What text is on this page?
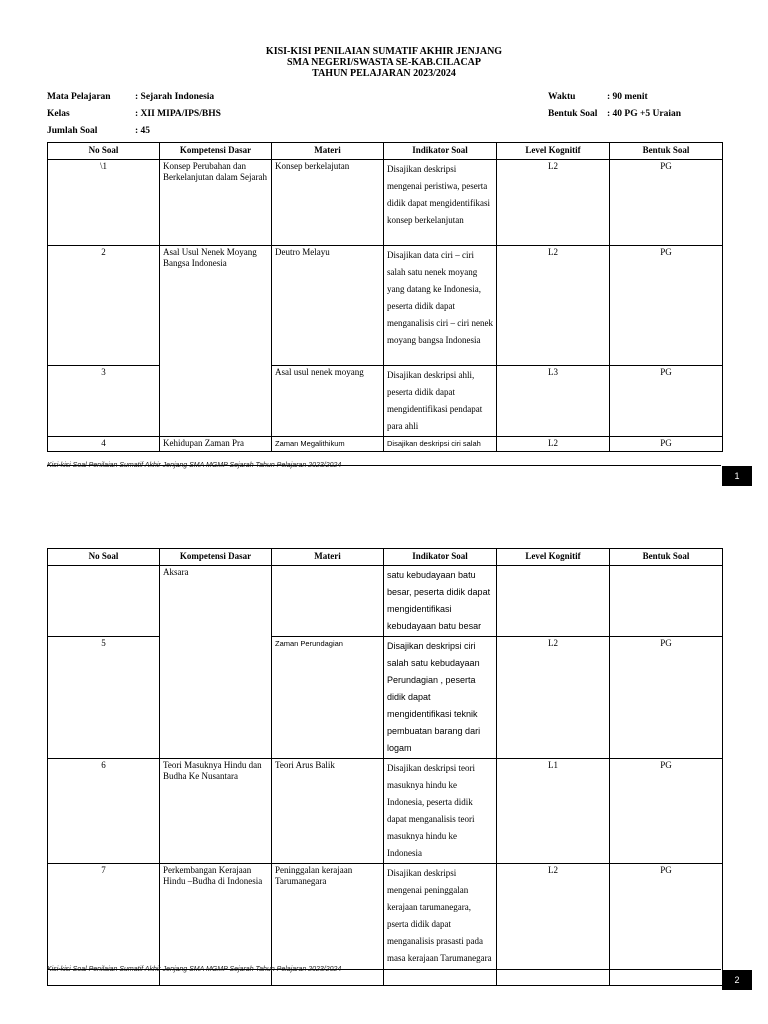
KISI-KISI PENILAIAN SUMATIF AKHIR JENJANG
SMA NEGERI/SWASTA SE-KAB.CILACAP
TAHUN PELAJARAN 2023/2024
Mata Pelajaran	: Sejarah Indonesia
Kelas	: XII MIPA/IPS/BHS
Jumlah Soal	: 45
Waktu	: 90 menit
Bentuk Soal : 40 PG +5 Uraian
No Soal	Kompetensi Dasar	Materi	Indikator Soal	Level Kognitif	Bentuk Soal
\1	Konsep Perubahan dan Berkelanjutan dalam Sejarah	Konsep berkelajutan	Disajikan deskripsi mengenai peristiwa, peserta didik dapat mengidentifikasi konsep berkelanjutan	L2	PG
2	Asal Usul Nenek Moyang Bangsa Indonesia	Deutro Melayu	Disajikan data ciri – ciri salah satu nenek moyang yang datang ke Indonesia, peserta didik dapat menganalisis ciri – ciri nenek moyang bangsa Indonesia	L2	PG
3		Asal usul nenek moyang	Disajikan deskripsi ahli, peserta didik dapat mengidentifikasi pendapat para ahli	L3	PG
4	Kehidupan Zaman Pra	Zaman Megalithikum	Disajikan deskripsi ciri salah	L2	PG
1
No Soal	Kompetensi Dasar	Materi	Indikator Soal	Level Kognitif	Bentuk Soal
	Aksara		satu kebudayaan batu besar, peserta didik dapat mengidentifikasi kebudayaan batu besar		
5		Zaman Perundagian	Disajikan deskripsi ciri salah satu kebudayaan Perundagian , peserta didik dapat mengidentifikasi teknik pembuatan barang dari logam	L2	PG
6	Teori Masuknya Hindu dan Budha Ke Nusantara	Teori Arus Balik	Disajikan deskripsi teori masuknya hindu ke Indonesia, peserta didik dapat menganalisis teori masuknya hindu ke Indonesia	L1	PG
7	Perkembangan Kerajaan Hindu –Budha di Indonesia	Peninggalan kerajaan Tarumanegara	Disajikan deskripsi mengenai peninggalan kerajaan tarumanegara, pserta didik dapat menganalisis prasasti pada masa kerajaan Tarumanegara	L2	PG
2
